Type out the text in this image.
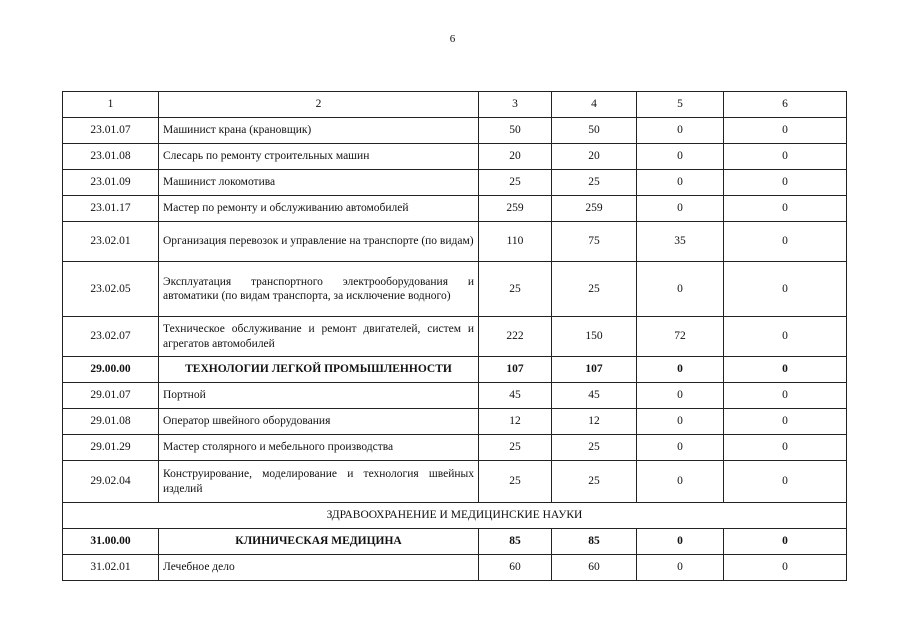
6
1	2	3	4	5	6
23.01.07	Машинист крана (крановщик)	50	50	0	0
23.01.08	Слесарь по ремонту строительных машин	20	20	0	0
23.01.09	Машинист локомотива	25	25	0	0
23.01.17	Мастер по ремонту и обслуживанию автомобилей	259	259	0	0
23.02.01	Организация перевозок и управление на транспорте (по видам)	110	75	35	0
23.02.05	Эксплуатация транспортного электрооборудования и автоматики (по видам транспорта, за исключение водного)	25	25	0	0
23.02.07	Техническое обслуживание и ремонт двигателей, систем и агрегатов автомобилей	222	150	72	0
29.00.00	ТЕХНОЛОГИИ ЛЕГКОЙ ПРОМЫШЛЕННОСТИ	107	107	0	0
29.01.07	Портной	45	45	0	0
29.01.08	Оператор швейного оборудования	12	12	0	0
29.01.29	Мастер столярного и мебельного производства	25	25	0	0
29.02.04	Конструирование, моделирование и технология швейных изделий	25	25	0	0
ЗДРАВООХРАНЕНИЕ И МЕДИЦИНСКИЕ НАУКИ					
31.00.00	КЛИНИЧЕСКАЯ МЕДИЦИНА	85	85	0	0
31.02.01	Лечебное дело	60	60	0	0
